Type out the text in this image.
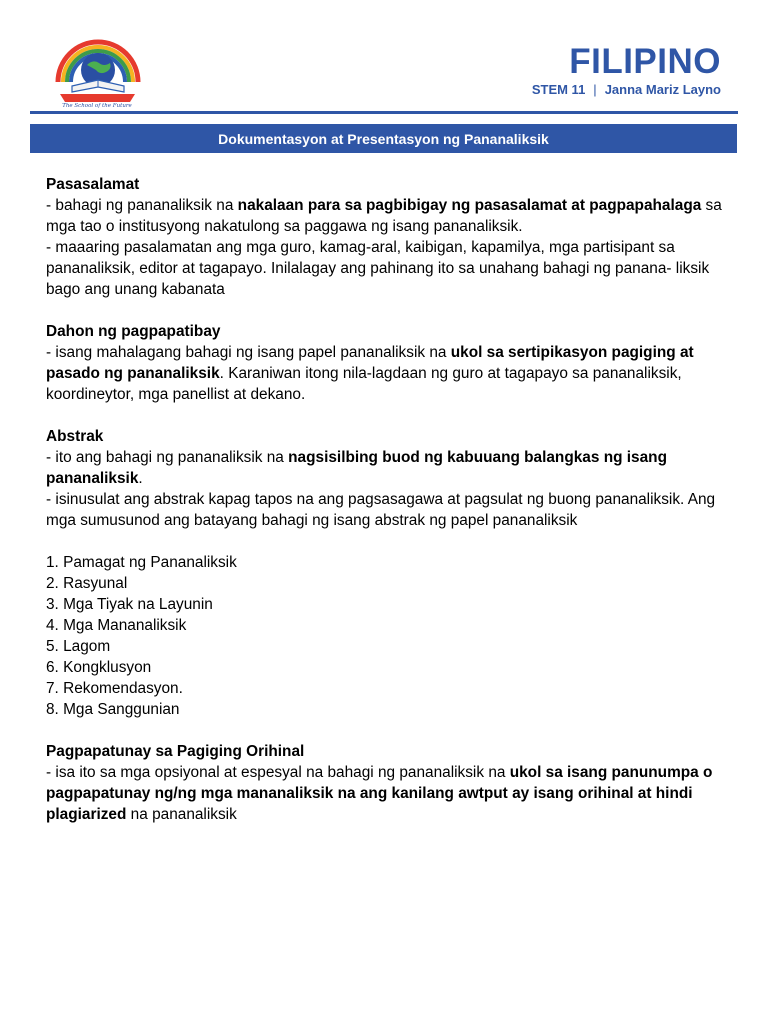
The School of the Future
FILIPINO
STEM 11 | Janna Mariz Layno
Dokumentasyon at Presentasyon ng Pananaliksik

Pasasalamat

- bahagi ng pananaliksik na nakalaan para sa pagbibigay ng pasasalamat at pagpapahalaga sa mga tao o institusyong nakatulong sa paggawa ng isang pananaliksik.

- maaaring pasalamatan ang mga guro, kamag-aral, kaibigan, kapamilya, mga partisipant sa pananaliksik, editor at tagapayo. Inilalagay ang pahinang ito sa unahang bahagi ng panana- liksik bago ang unang kabanata

Dahon ng pagpapatibay

- isang mahalagang bahagi ng isang papel pananaliksik na ukol sa sertipikasyon pagiging at pasado ng pananaliksik. Karaniwan itong nila-lagdaan ng guro at tagapayo sa pananaliksik, koordineytor, mga panellist at dekano.

Abstrak

- ito ang bahagi ng pananaliksik na nagsisilbing buod ng kabuuang balangkas ng isang pananaliksik.

- isinusulat ang abstrak kapag tapos na ang pagsasagawa at pagsulat ng buong pananaliksik. Ang mga sumusunod ang batayang bahagi ng isang abstrak ng papel pananaliksik

1. Pamagat ng Pananaliksik
2. Rasyunal
3. Mga Tiyak na Layunin
4. Mga Mananaliksik
5. Lagom
6. Kongklusyon
7. Rekomendasyon.
8. Mga Sanggunian

Pagpapatunay sa Pagiging Orihinal

- isa ito sa mga opsiyonal at espesyal na bahagi ng pananaliksik na ukol sa isang panunumpa o pagpapatunay ng/ng mga mananaliksik na ang kanilang awtput ay isang orihinal at hindi plagiarized na pananaliksik
